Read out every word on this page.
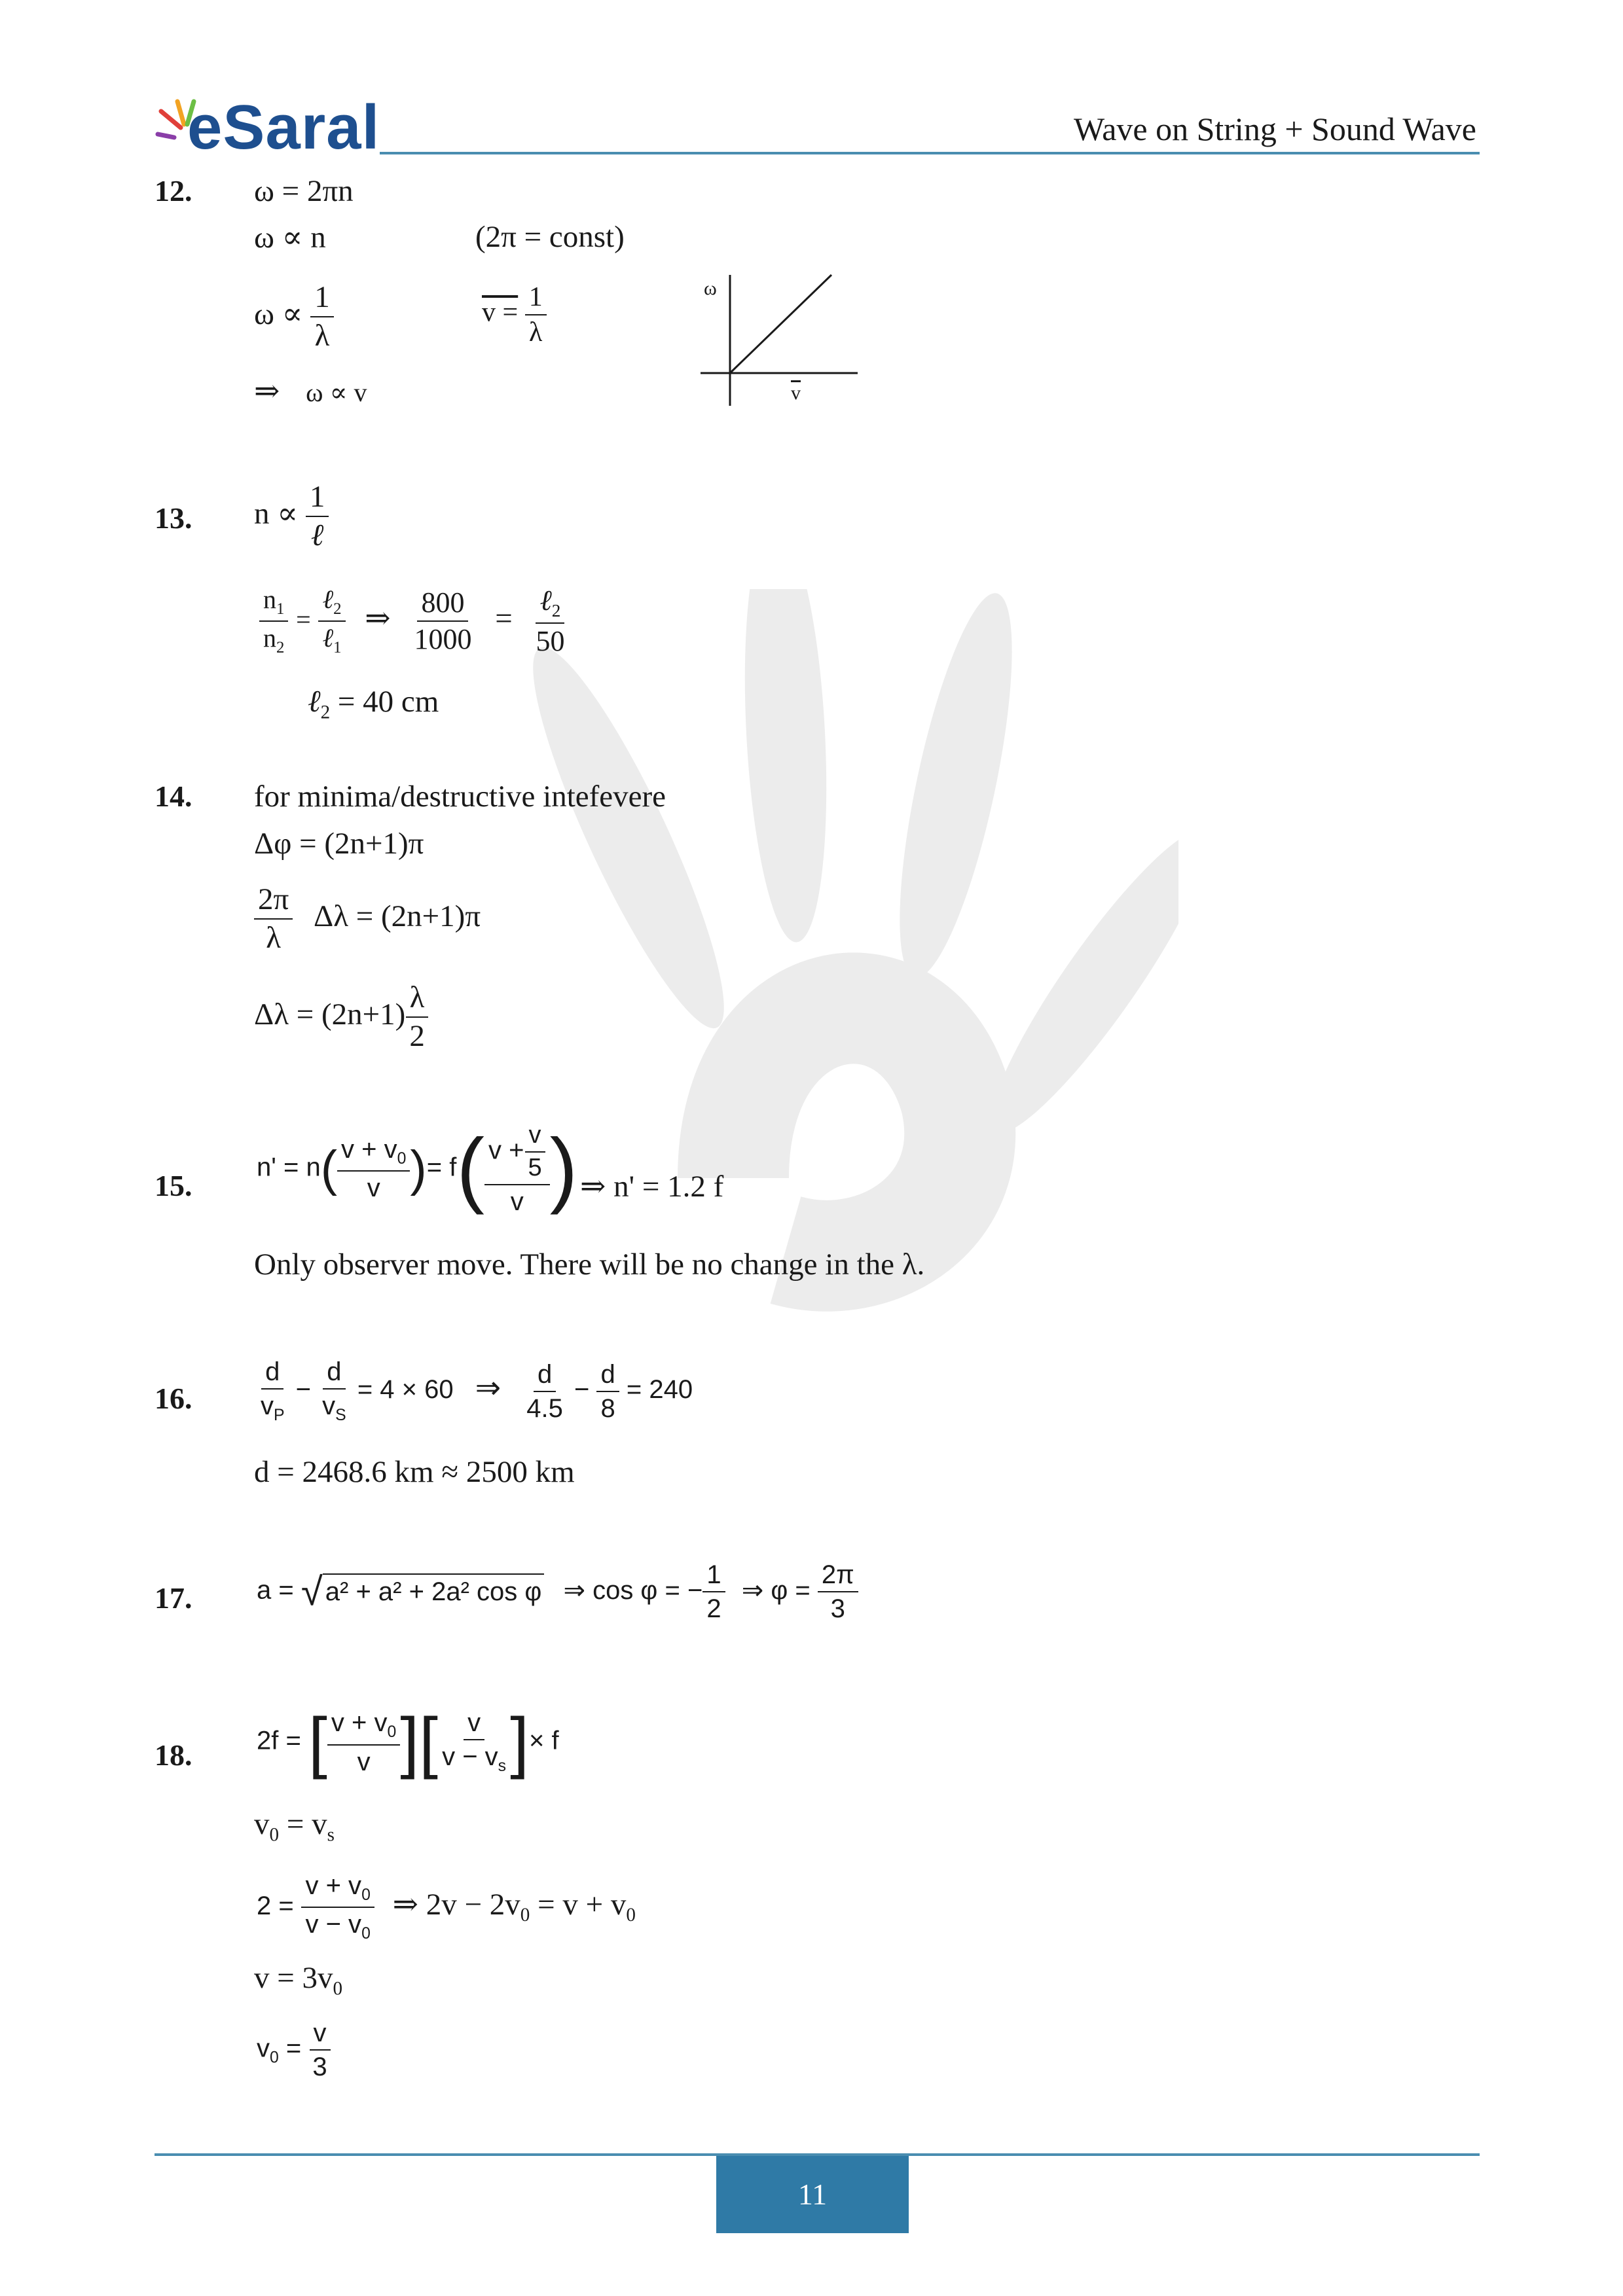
eSaral	Wave on String + Sound Wave
12. ω = 2πn
ω ∝ n	(2π = const)
$\omega \propto \frac{1}{\lambda}$	$v = \frac{1}{\lambda}$
⇒ ω ∝ v
ω
v
13. $n \propto \frac{1}{\text{ℓ}}$
$\frac{n_1}{n_2} = \frac{\ell_2}{\ell_1}$ ⇒ $\frac{800}{1000} = \frac{\ell_2}{50}$
ℓ$_2$ = 40 cm
14. for minima/destructive intefevere
Δφ = (2n+1)π
$\frac{2\pi}{\lambda}$ Δλ = (2n+1)π
$\Delta\lambda = (2n+1) \frac{\lambda}{2}$
15.
$n' = n( \frac{v + v_0}{v}$ )= $f( \frac{v + \frac{v}{5}}{v}$ ) ⇒ n' = 1.2 f
Only observer move. There will be no change in the λ.
16. $\frac{d}{v_P} - \frac{d}{v_S} = 4 \times 60$ ⇒ $\frac{d}{4.5} - \frac{d}{8} = 240$
d = 2468.6 km ≈ 2500 km
17. a = √ a² + a² + 2a² cos φ ⇒ cos φ = − $\frac{1}{2}$ ⇒ $\varphi = \frac{2\pi}{3}$
18. 2f = [ $\frac{v + v_0}{v}$ ][ $\frac{v}{v - v_s}$ ]× f
$v_0 = v_s$
$2 = \frac{v + v_0}{v - v_0}$ ⇒ $2v - 2v_0 = v + v_0$
$v = 3v_0$
$v_0 = \frac{v}{3}$
11
